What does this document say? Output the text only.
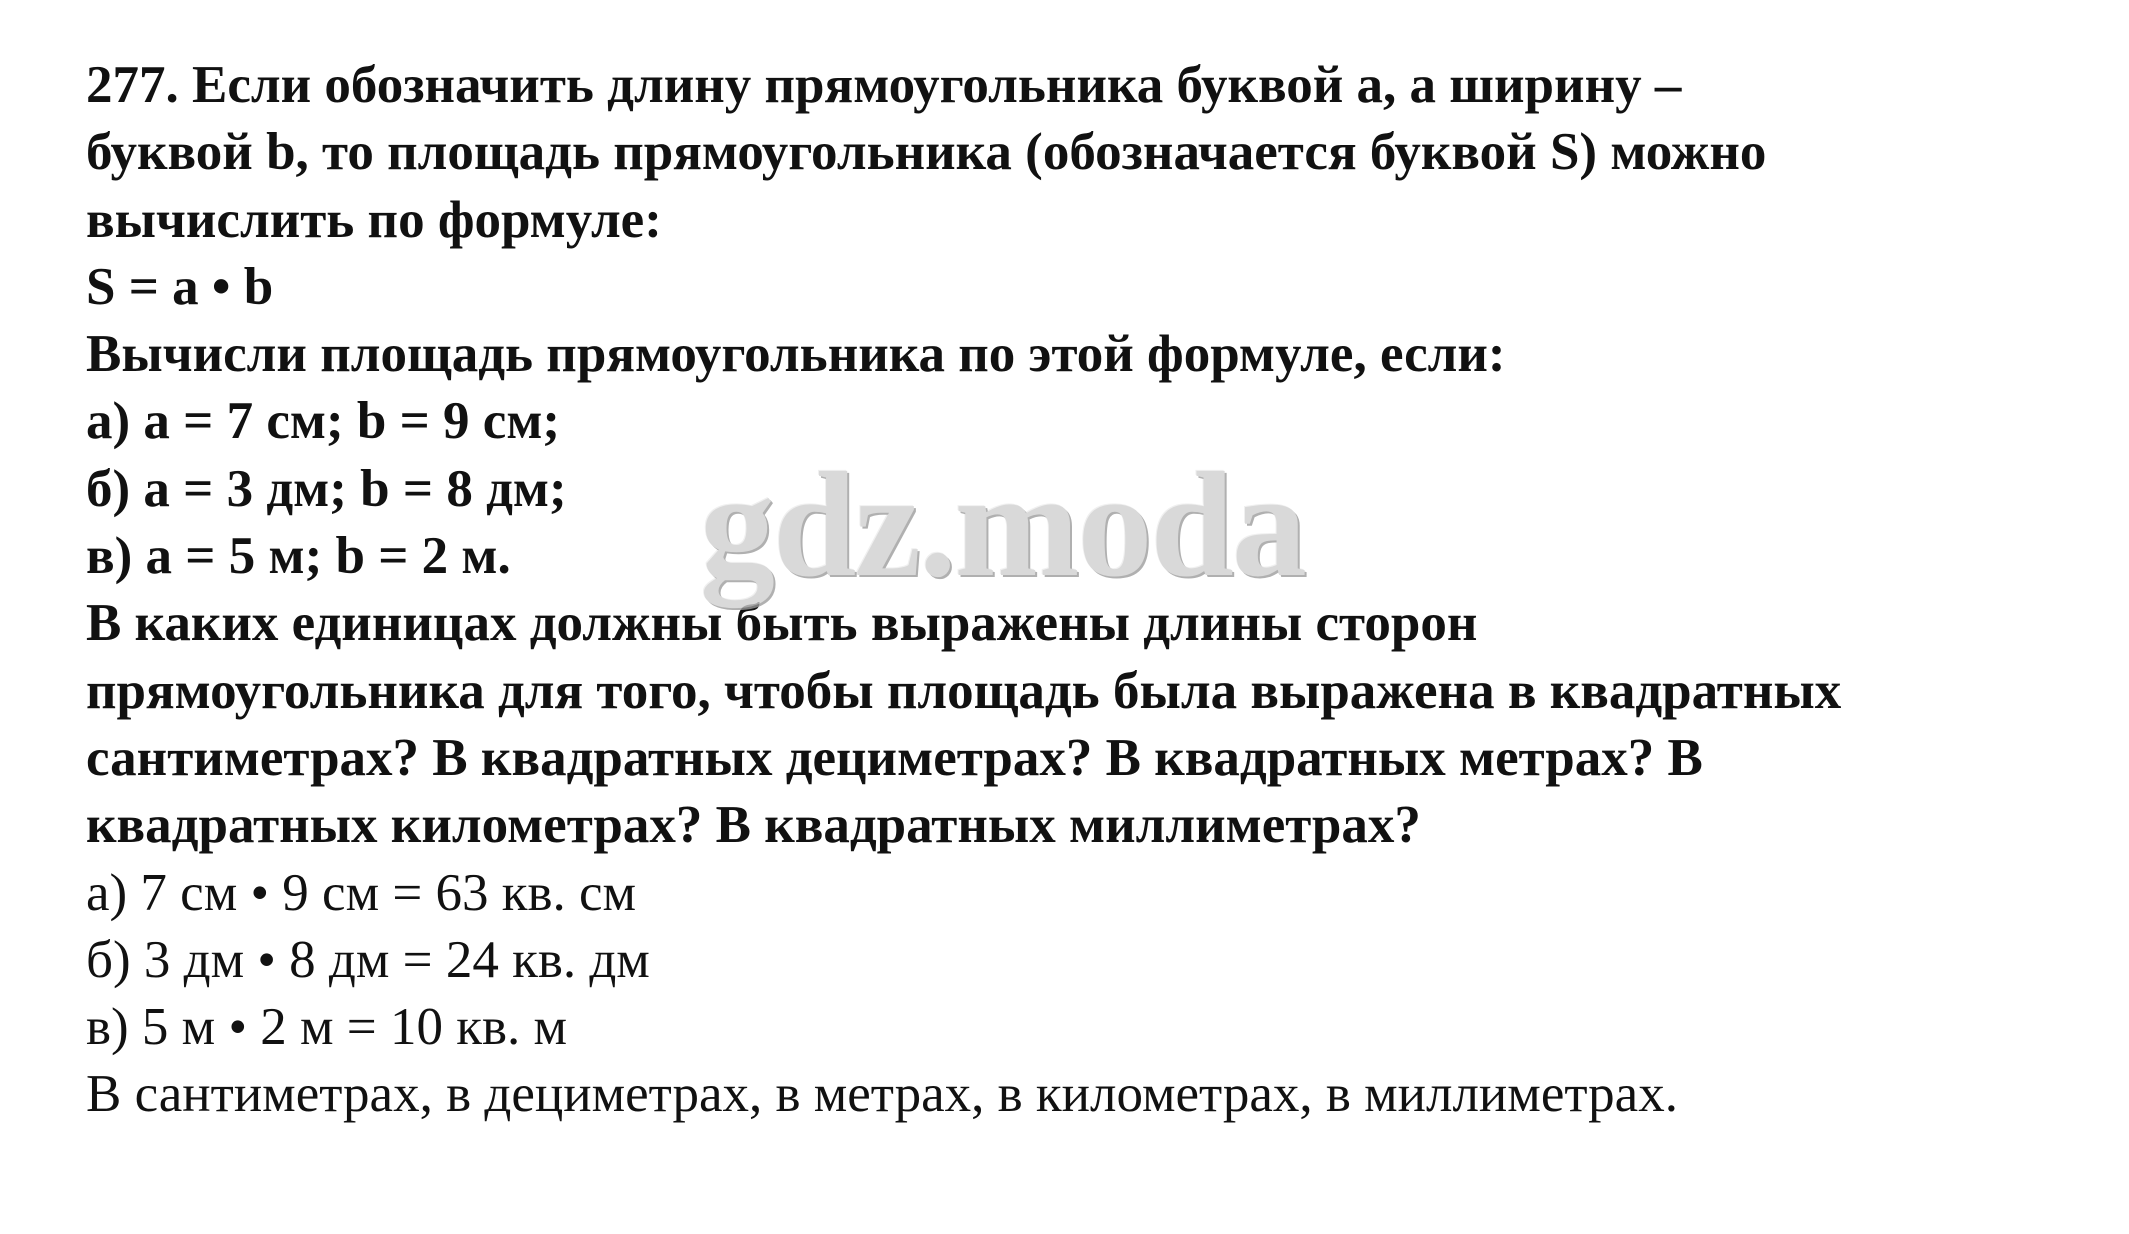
277. Если обозначить длину прямоугольника буквой а, а ширину –

буквой b, то площадь прямоугольника (обозначается буквой S) можно

вычислить по формуле:

S = a • b

Вычисли площадь прямоугольника по этой формуле, если:

а) a = 7 см; b = 9 см;

б) a = 3 дм; b = 8 дм;

в) a = 5 м; b = 2 м.

В каких единицах должны быть выражены длины сторон

прямоугольника для того, чтобы площадь была выражена в квадратных

сантиметрах? В квадратных дециметрах? В квадратных метрах? В

квадратных километрах? В квадратных миллиметрах?

а) 7 см • 9 см = 63 кв. см

б) 3 дм • 8 дм = 24 кв. дм

в) 5 м • 2 м = 10 кв. м

В сантиметрах, в дециметрах, в метрах, в километрах, в миллиметрах.

gdz.moda
